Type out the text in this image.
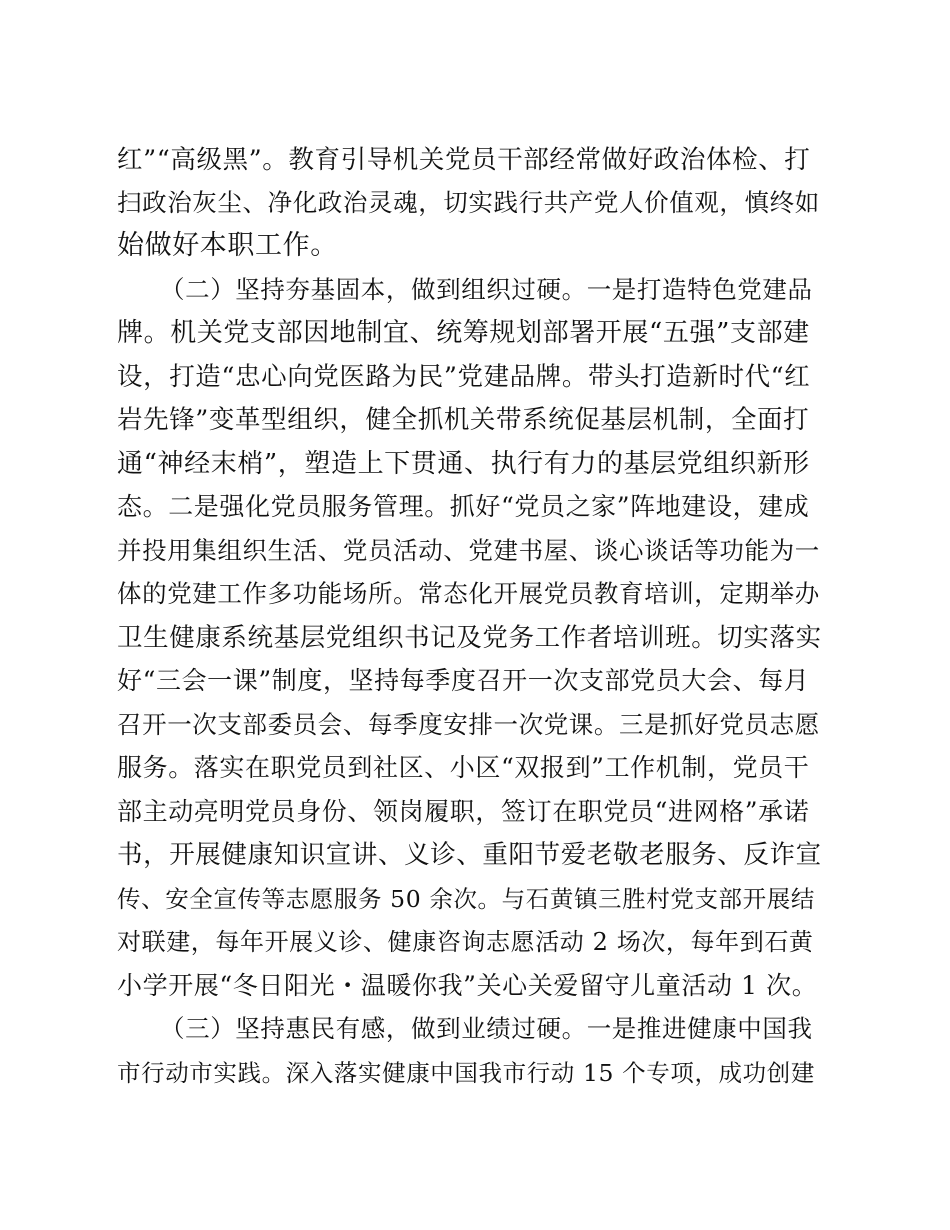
红”“高级黑”。教育引导机关党员干部经常做好政治体检、打
扫政治灰尘、净化政治灵魂，切实践行共产党人价值观，慎终如
始做好本职工作。
（二）坚持夯基固本，做到组织过硬。一是打造特色党建品
牌。机关党支部因地制宜、统筹规划部署开展“五强”支部建
设，打造“忠心向党医路为民”党建品牌。带头打造新时代“红
岩先锋”变革型组织，健全抓机关带系统促基层机制，全面打
通“神经末梢”，塑造上下贯通、执行有力的基层党组织新形
态。二是强化党员服务管理。抓好“党员之家”阵地建设，建成
并投用集组织生活、党员活动、党建书屋、谈心谈话等功能为一
体的党建工作多功能场所。常态化开展党员教育培训，定期举办
卫生健康系统基层党组织书记及党务工作者培训班。切实落实
好“三会一课”制度，坚持每季度召开一次支部党员大会、每月
召开一次支部委员会、每季度安排一次党课。三是抓好党员志愿
服务。落实在职党员到社区、小区“双报到”工作机制，党员干
部主动亮明党员身份、领岗履职，签订在职党员“进网格”承诺
书，开展健康知识宣讲、义诊、重阳节爱老敬老服务、反诈宣
传、安全宣传等志愿服务 50 余次。与石黄镇三胜村党支部开展结
对联建，每年开展义诊、健康咨询志愿活动 2 场次，每年到石黄
小学开展“冬日阳光・温暖你我”关心关爱留守儿童活动 1 次。
（三）坚持惠民有感，做到业绩过硬。一是推进健康中国我
市行动市实践。深入落实健康中国我市行动 15 个专项，成功创建
